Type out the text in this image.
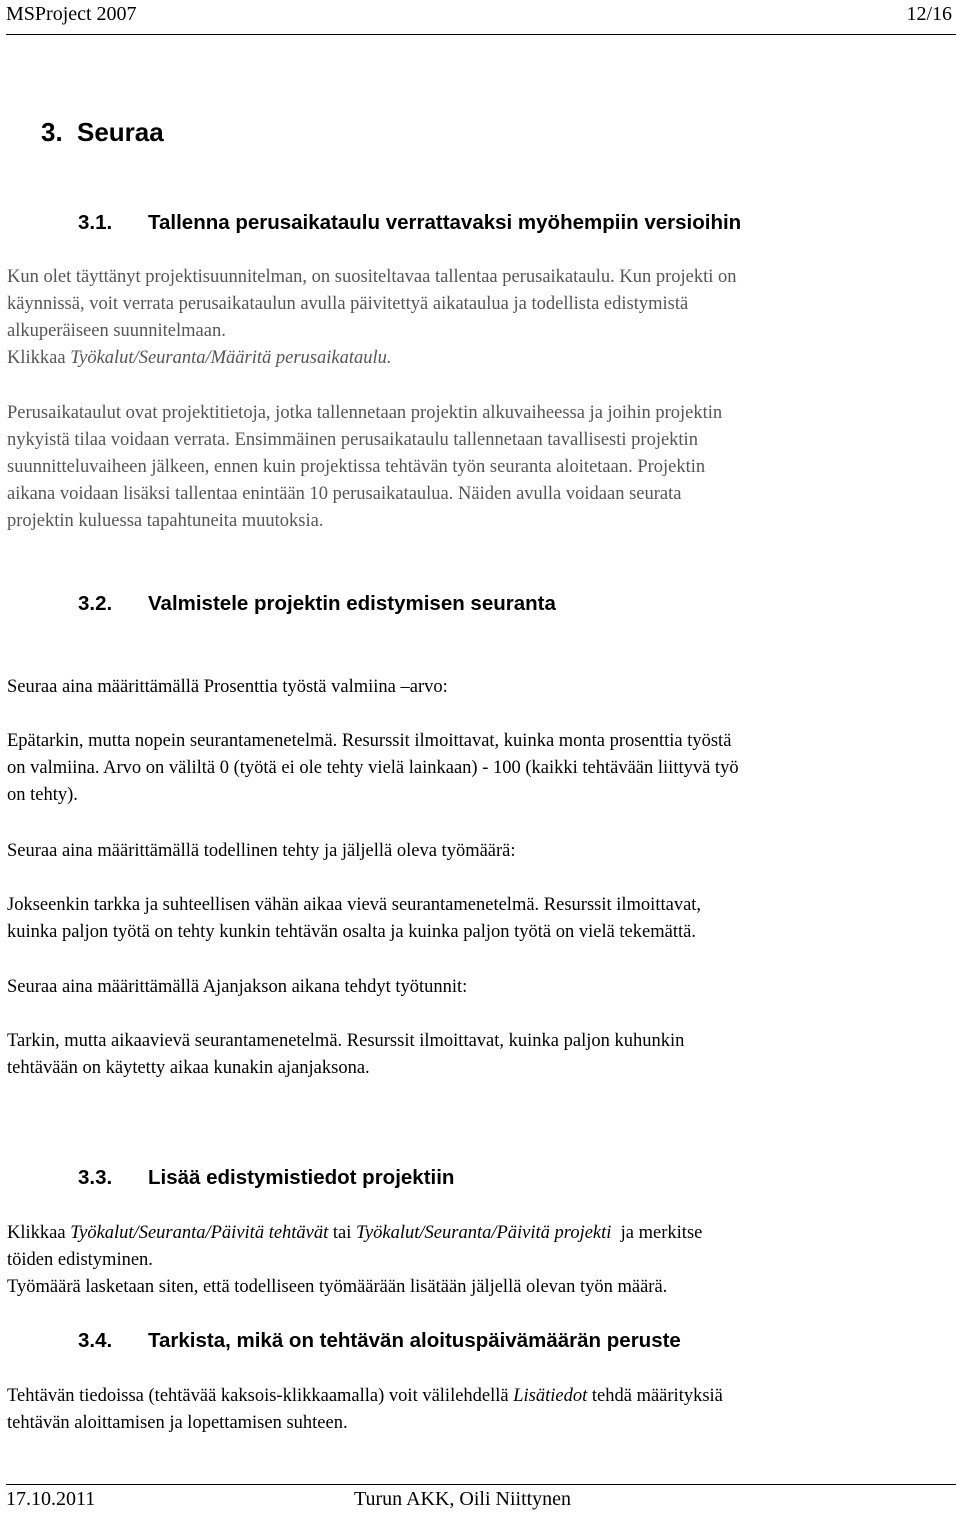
MSProject 2007	12/16
3. Seuraa
3.1. Tallenna perusaikataulu verrattavaksi myöhempiin versioihin
Kun olet täyttänyt projektisuunnitelman, on suositeltavaa tallentaa perusaikataulu. Kun projekti on
käynnissä, voit verrata perusaikataulun avulla päivitettyä aikataulua ja todellista edistymistä
alkuperäiseen suunnitelmaan.
Klikkaa Työkalut/Seuranta/Määritä perusaikataulu.
Perusaikataulut ovat projektitietoja, jotka tallennetaan projektin alkuvaiheessa ja joihin projektin
nykyistä tilaa voidaan verrata. Ensimmäinen perusaikataulu tallennetaan tavallisesti projektin
suunnitteluvaiheen jälkeen, ennen kuin projektissa tehtävän työn seuranta aloitetaan. Projektin
aikana voidaan lisäksi tallentaa enintään 10 perusaikataulua. Näiden avulla voidaan seurata
projektin kuluessa tapahtuneita muutoksia.
3.2. Valmistele projektin edistymisen seuranta
Seuraa aina määrittämällä Prosenttia työstä valmiina –arvo:
Epätarkin, mutta nopein seurantamenetelmä. Resurssit ilmoittavat, kuinka monta prosenttia työstä
on valmiina. Arvo on väliltä 0 (työtä ei ole tehty vielä lainkaan) - 100 (kaikki tehtävään liittyvä työ
on tehty).
Seuraa aina määrittämällä todellinen tehty ja jäljellä oleva työmäärä:
Jokseenkin tarkka ja suhteellisen vähän aikaa vievä seurantamenetelmä. Resurssit ilmoittavat,
kuinka paljon työtä on tehty kunkin tehtävän osalta ja kuinka paljon työtä on vielä tekemättä.
Seuraa aina määrittämällä Ajanjakson aikana tehdyt työtunnit:
Tarkin, mutta aikaavievä seurantamenetelmä. Resurssit ilmoittavat, kuinka paljon kuhunkin
tehtävään on käytetty aikaa kunakin ajanjaksona.
3.3. Lisää edistymistiedot projektiin
Klikkaa Työkalut/Seuranta/Päivitä tehtävät tai Työkalut/Seuranta/Päivitä projekti  ja merkitse
töiden edistyminen.
Työmäärä lasketaan siten, että todelliseen työmäärään lisätään jäljellä olevan työn määrä.
3.4. Tarkista, mikä on tehtävän aloituspäivämäärän peruste
Tehtävän tiedoissa (tehtävää kaksois-klikkaamalla) voit välilehdellä Lisätiedot tehdä määrityksiä
tehtävän aloittamisen ja lopettamisen suhteen.
17.10.2011	Turun AKK, Oili Niittynen
